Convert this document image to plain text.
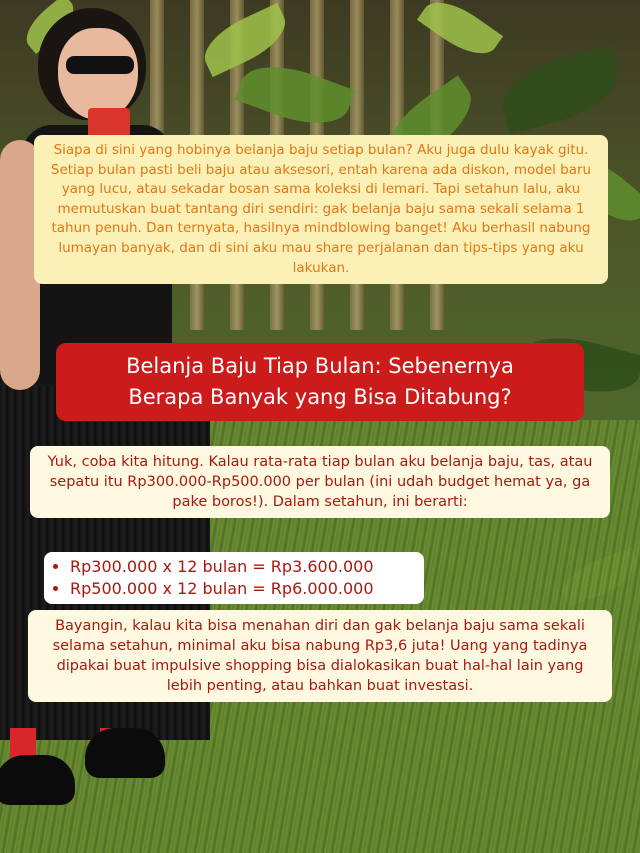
Siapa di sini yang hobinya belanja baju setiap bulan? Aku juga dulu kayak gitu. Setiap bulan pasti beli baju atau aksesori, entah karena ada diskon, model baru yang lucu, atau sekadar bosan sama koleksi di lemari. Tapi setahun lalu, aku memutuskan buat tantang diri sendiri: gak belanja baju sama sekali selama 1 tahun penuh. Dan ternyata, hasilnya mindblowing banget! Aku berhasil nabung lumayan banyak, dan di sini aku mau share perjalanan dan tips-tips yang aku lakukan.
Belanja Baju Tiap Bulan: Sebenernya
Berapa Banyak yang Bisa Ditabung?
Yuk, coba kita hitung. Kalau rata-rata tiap bulan aku belanja baju, tas, atau sepatu itu Rp300.000-Rp500.000 per bulan (ini udah budget hemat ya, ga pake boros!). Dalam setahun, ini berarti:
• Rp300.000 x 12 bulan = Rp3.600.000
• Rp500.000 x 12 bulan = Rp6.000.000
Bayangin, kalau kita bisa menahan diri dan gak belanja baju sama sekali selama setahun, minimal aku bisa nabung Rp3,6 juta! Uang yang tadinya dipakai buat impulsive shopping bisa dialokasikan buat hal-hal lain yang lebih penting, atau bahkan buat investasi.
